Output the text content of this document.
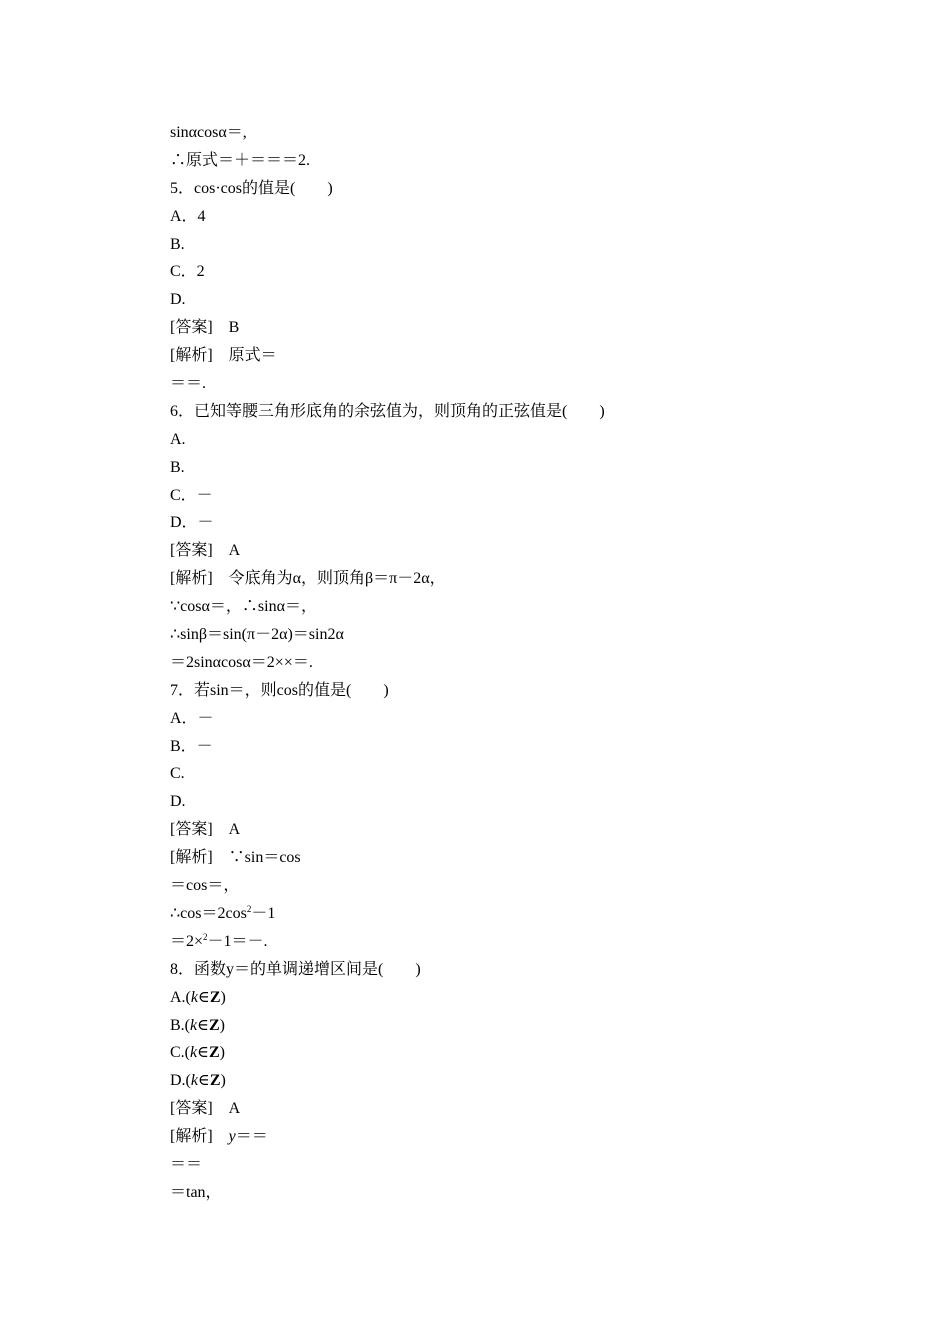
sinαcosα＝,
∴原式＝＋＝＝＝2.
5．cos·cos的值是(　　)
A．4
B.
C．2
D.
[答案]　B
[解析]　原式＝
＝＝.
6．已知等腰三角形底角的余弦值为，则顶角的正弦值是(　　)
A.
B.
C．－
D．－
[答案]　A
[解析]　令底角为α，则顶角β＝π－2α，
∵cosα＝，∴sinα＝，
∴sinβ＝sin(π－2α)＝sin2α
＝2sinαcosα＝2××＝.
7．若sin＝，则cos的值是(　　)
A．－
B．－
C.
D.
[答案]　A
[解析]　∵sin＝cos
＝cos＝，
$\therefore\cos=2\cos^2-1$
＝2×$^2$－1＝－.
8．函数y＝的单调递增区间是(　　)
A.(k∈Z)
B.(k∈Z)
C.(k∈Z)
D.(k∈Z)
[答案]　A
[解析]　y＝＝
＝＝
＝tan，
